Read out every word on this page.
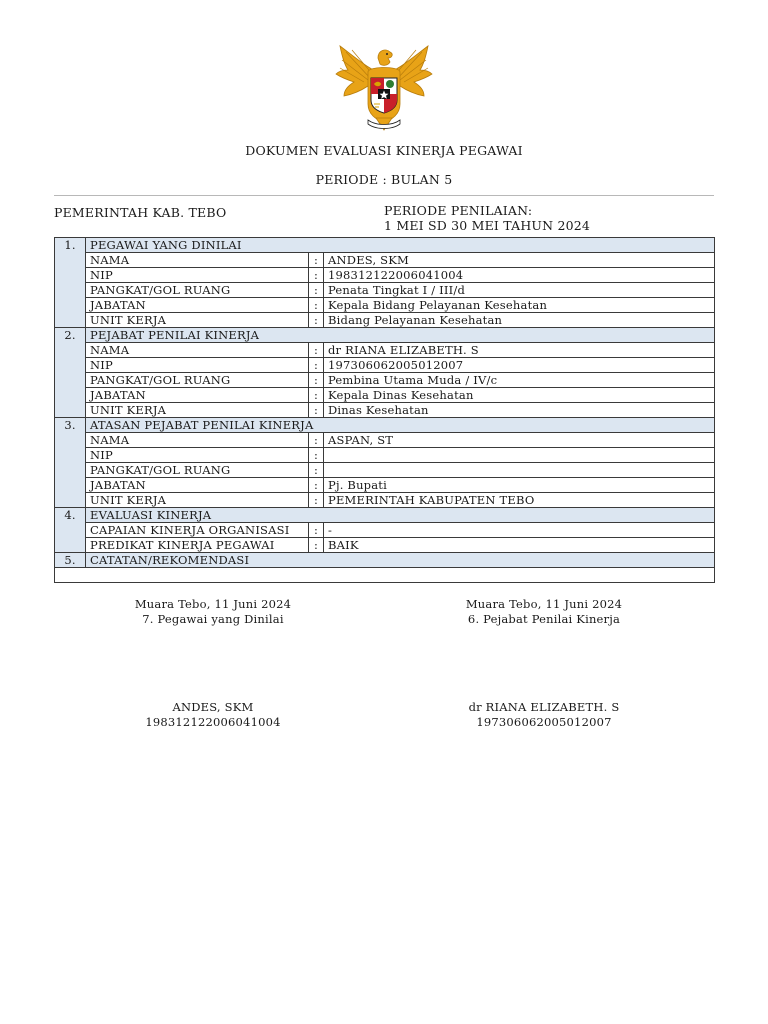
DOKUMEN EVALUASI KINERJA PEGAWAI
PERIODE : BULAN 5
PEMERINTAH KAB. TEBO	PERIODE PENILAIAN:
1 MEI SD 30 MEI TAHUN 2024
1.	PEGAWAI YANG DINILAI		
	NAMA	:	ANDES, SKM
	NIP	:	198312122006041004
	PANGKAT/GOL RUANG	:	Penata Tingkat I / III/d
	JABATAN	:	Kepala Bidang Pelayanan Kesehatan
	UNIT KERJA	:	Bidang Pelayanan Kesehatan
2.	PEJABAT PENILAI KINERJA		
	NAMA	:	dr RIANA ELIZABETH. S
	NIP	:	197306062005012007
	PANGKAT/GOL RUANG	:	Pembina Utama Muda / IV/c
	JABATAN	:	Kepala Dinas Kesehatan
	UNIT KERJA	:	Dinas Kesehatan
3.	ATASAN PEJABAT PENILAI KINERJA		
	NAMA	:	ASPAN, ST
	NIP	:	
	PANGKAT/GOL RUANG	:	
	JABATAN	:	Pj. Bupati
	UNIT KERJA	:	PEMERINTAH KABUPATEN TEBO
4.	EVALUASI KINERJA		
	CAPAIAN KINERJA ORGANISASI	:	-
	PREDIKAT KINERJA PEGAWAI	:	BAIK
5.	CATATAN/REKOMENDASI		

Muara Tebo, 11 Juni 2024
7. Pegawai yang Dinilai
ANDES, SKM
198312122006041004
Muara Tebo, 11 Juni 2024
6. Pejabat Penilai Kinerja
dr RIANA ELIZABETH. S
197306062005012007
